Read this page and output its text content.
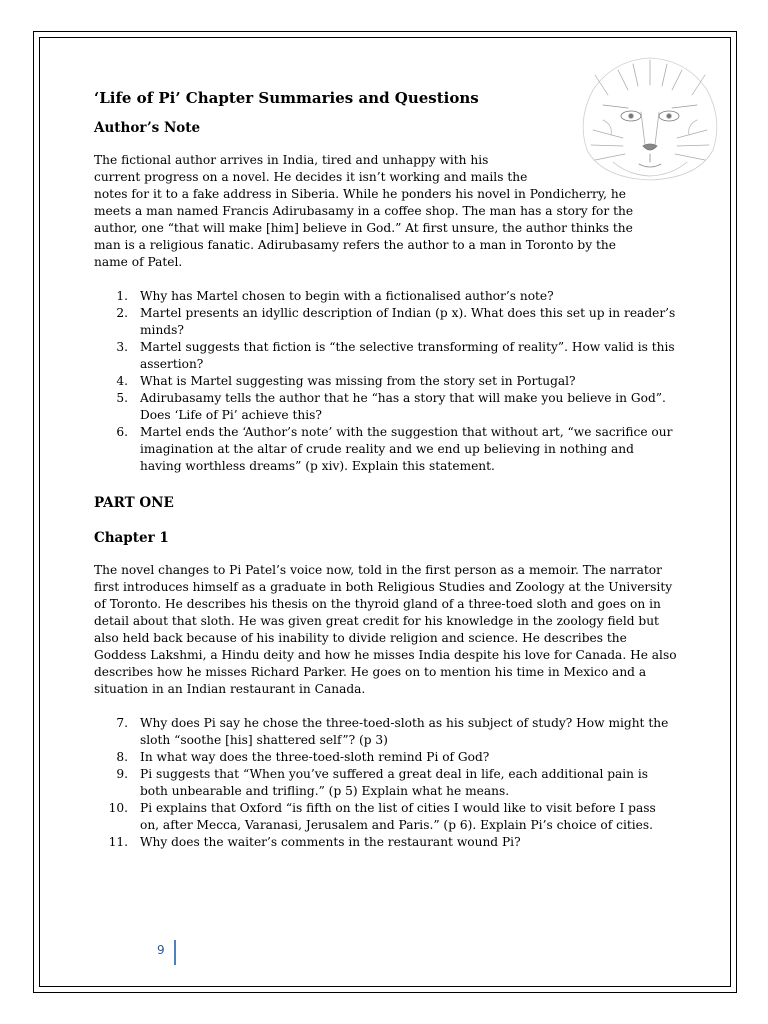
‘Life of Pi’ Chapter Summaries and Questions
Author’s Note

The fictional author arrives in India, tired and unhappy with his
current progress on a novel. He decides it isn’t working and mails the
notes for it to a fake address in Siberia. While he ponders his novel in Pondicherry, he
meets a man named Francis Adirubasamy in a coffee shop. The man has a story for the
author, one “that will make [him] believe in God.” At first unsure, the author thinks the
man is a religious fanatic. Adirubasamy refers the author to a man in Toronto by the
name of Patel.

1. Why has Martel chosen to begin with a fictionalised author’s note?
2. Martel presents an idyllic description of Indian (p x). What does this set up in reader’s minds?
3. Martel suggests that fiction is “the selective transforming of reality”. How valid is this assertion?
4. What is Martel suggesting was missing from the story set in Portugal?
5. Adirubasamy tells the author that he “has a story that will make you believe in God”. Does ‘Life of Pi’ achieve this?
6. Martel ends the ‘Author’s note’ with the suggestion that without art, “we sacrifice our imagination at the altar of crude reality and we end up believing in nothing and having worthless dreams” (p xiv). Explain this statement.
PART ONE
Chapter 1

The novel changes to Pi Patel’s voice now, told in the first person as a memoir. The narrator first introduces himself as a graduate in both Religious Studies and Zoology at the University of Toronto. He describes his thesis on the thyroid gland of a three-toed sloth and goes on in detail about that sloth. He was given great credit for his knowledge in the zoology field but also held back because of his inability to divide religion and science. He describes the Goddess Lakshmi, a Hindu deity and how he misses India despite his love for Canada. He also describes how he misses Richard Parker. He goes on to mention his time in Mexico and a situation in an Indian restaurant in Canada.

7. Why does Pi say he chose the three-toed-sloth as his subject of study? How might the sloth “soothe [his] shattered self”? (p 3)
8. In what way does the three-toed-sloth remind Pi of God?
9. Pi suggests that “When you’ve suffered a great deal in life, each additional pain is both unbearable and trifling.” (p 5) Explain what he means.
10. Pi explains that Oxford “is fifth on the list of cities I would like to visit before I pass on, after Mecca, Varanasi, Jerusalem and Paris.” (p 6). Explain Pi’s choice of cities.
11. Why does the waiter’s comments in the restaurant wound Pi?
9
